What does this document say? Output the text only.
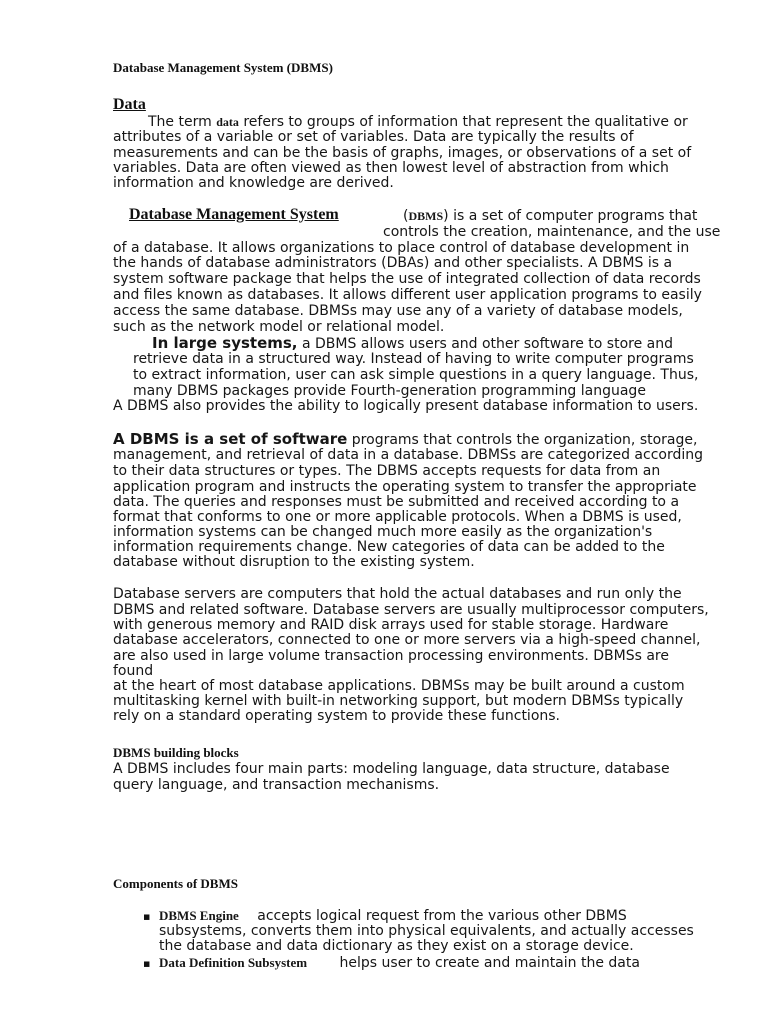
Database Management System (DBMS)
Data

The term data refers to groups of information that represent the qualitative or

attributes of a variable or set of variables. Data are typically the results of

measurements and can be the basis of graphs, images, or observations of a set of

variables. Data are often viewed as then lowest level of abstraction from which

information and knowledge are derived.

Database Management System	(DBMS) is a set of computer programs that

controls the creation, maintenance, and the use

of a database. It allows organizations to place control of database development in

the hands of database administrators (DBAs) and other specialists. A DBMS is a

system software package that helps the use of integrated collection of data records

and files known as databases. It allows different user application programs to easily

access the same database. DBMSs may use any of a variety of database models,

such as the network model or relational model.

In large systems, a DBMS allows users and other software to store and

retrieve data in a structured way. Instead of having to write computer programs

to extract information, user can ask simple questions in a query language. Thus,

many DBMS packages provide Fourth-generation programming language

A DBMS also provides the ability to logically present database information to users.

A DBMS is a set of software programs that controls the organization, storage,

management, and retrieval of data in a database. DBMSs are categorized according

to their data structures or types. The DBMS accepts requests for data from an

application program and instructs the operating system to transfer the appropriate

data. The queries and responses must be submitted and received according to a

format that conforms to one or more applicable protocols. When a DBMS is used,

information systems can be changed much more easily as the organization's

information requirements change. New categories of data can be added to the

database without disruption to the existing system.

Database servers are computers that hold the actual databases and run only the

DBMS and related software. Database servers are usually multiprocessor computers,

with generous memory and RAID disk arrays used for stable storage. Hardware

database accelerators, connected to one or more servers via a high-speed channel,

are also used in large volume transaction processing environments. DBMSs are

found

at the heart of most database applications. DBMSs may be built around a custom

multitasking kernel with built-in networking support, but modern DBMSs typically

rely on a standard operating system to provide these functions.

DBMS building blocks

A DBMS includes four main parts: modeling language, data structure, database

query language, and transaction mechanisms.

Components of DBMS
▪ DBMS Engine accepts logical request from the various other DBMS

subsystems, converts them into physical equivalents, and actually accesses

the database and data dictionary as they exist on a storage device.

▪ Data Definition Subsystem helps user to create and maintain the data
